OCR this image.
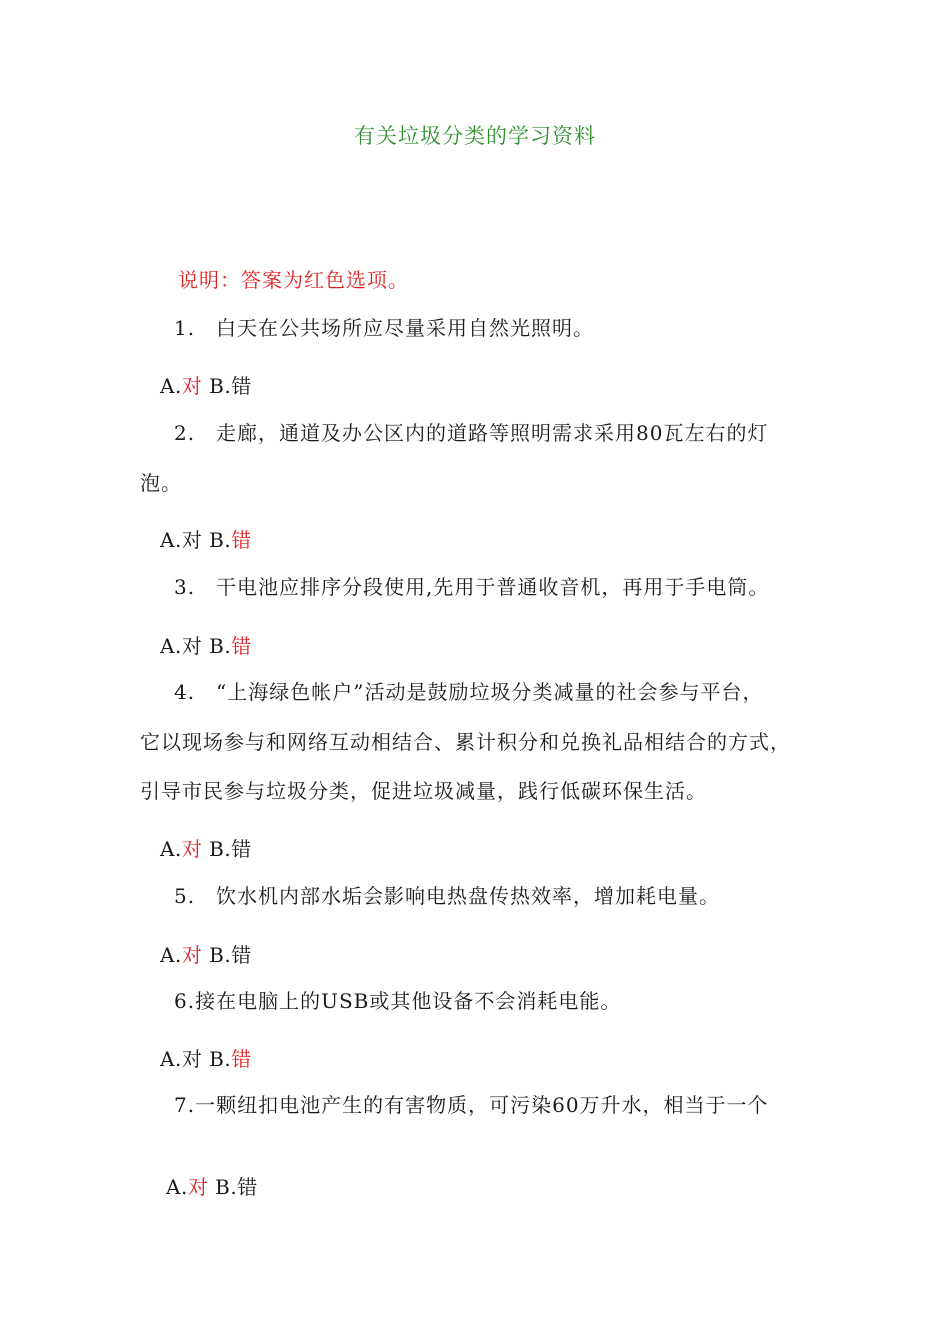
有关垃圾分类的学习资料
说明：答案为红色选项。
1. 白天在公共场所应尽量采用自然光照明。
A.对 B.错
2. 走廊，通道及办公区内的道路等照明需求采用80瓦左右的灯
泡。
A.对 B.错
3. 干电池应排序分段使用,先用于普通收音机，再用于手电筒。
A.对 B.错
4. “上海绿色帐户”活动是鼓励垃圾分类减量的社会参与平台，
它以现场参与和网络互动相结合、累计积分和兑换礼品相结合的方式，
引导市民参与垃圾分类，促进垃圾减量，践行低碳环保生活。
A.对 B.错
5. 饮水机内部水垢会影响电热盘传热效率，增加耗电量。
A.对 B.错
6.接在电脑上的USB或其他设备不会消耗电能。
A.对 B.错
7.一颗纽扣电池产生的有害物质，可污染60万升水，相当于一个
A.对 B.错
